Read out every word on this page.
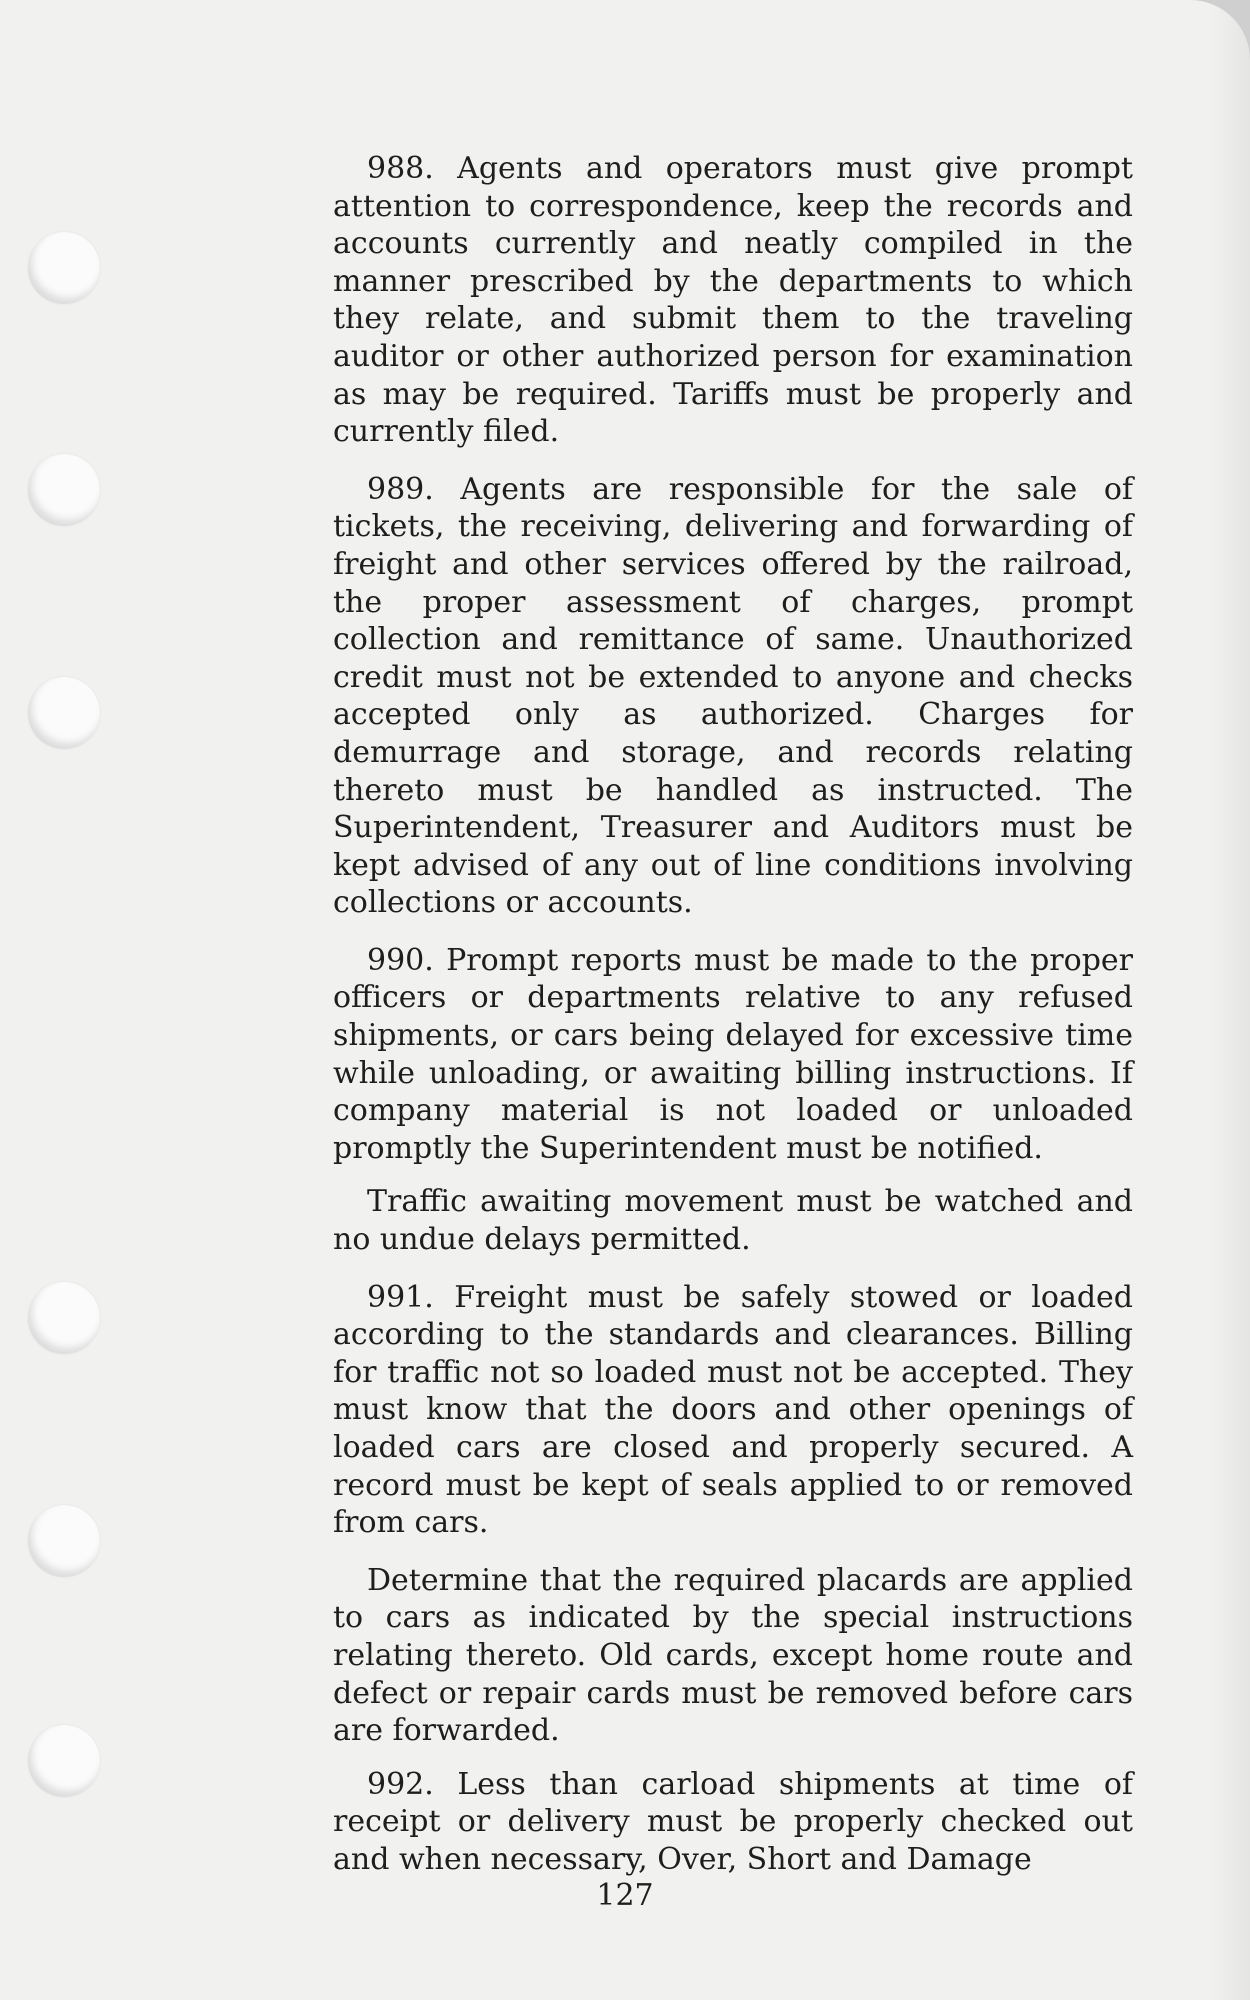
988. Agents and operators must give prompt attention to correspondence, keep the records and accounts currently and neatly compiled in the manner prescribed by the departments to which they relate, and submit them to the traveling auditor or other authorized person for examination as may be required. Tariffs must be properly and currently filed.

989. Agents are responsible for the sale of tickets, the receiving, delivering and forwarding of freight and other services offered by the railroad, the proper assessment of charges, prompt collection and remittance of same. Unauthorized credit must not be extended to anyone and checks accepted only as authorized. Charges for demurrage and storage, and records relating thereto must be handled as instructed. The Superintendent, Treasurer and Auditors must be kept advised of any out of line conditions involving collections or accounts.

990. Prompt reports must be made to the proper officers or departments relative to any refused shipments, or cars being delayed for excessive time while unloading, or awaiting billing instructions. If company material is not loaded or unloaded promptly the Superintendent must be notified.

Traffic awaiting movement must be watched and no undue delays permitted.

991. Freight must be safely stowed or loaded according to the standards and clearances. Billing for traffic not so loaded must not be accepted. They must know that the doors and other openings of loaded cars are closed and properly secured. A record must be kept of seals applied to or removed from cars.

Determine that the required placards are applied to cars as indicated by the special instructions relating thereto. Old cards, except home route and defect or repair cards must be removed before cars are forwarded.

992. Less than carload shipments at time of receipt or delivery must be properly checked out and when necessary, Over, Short and Damage

127
